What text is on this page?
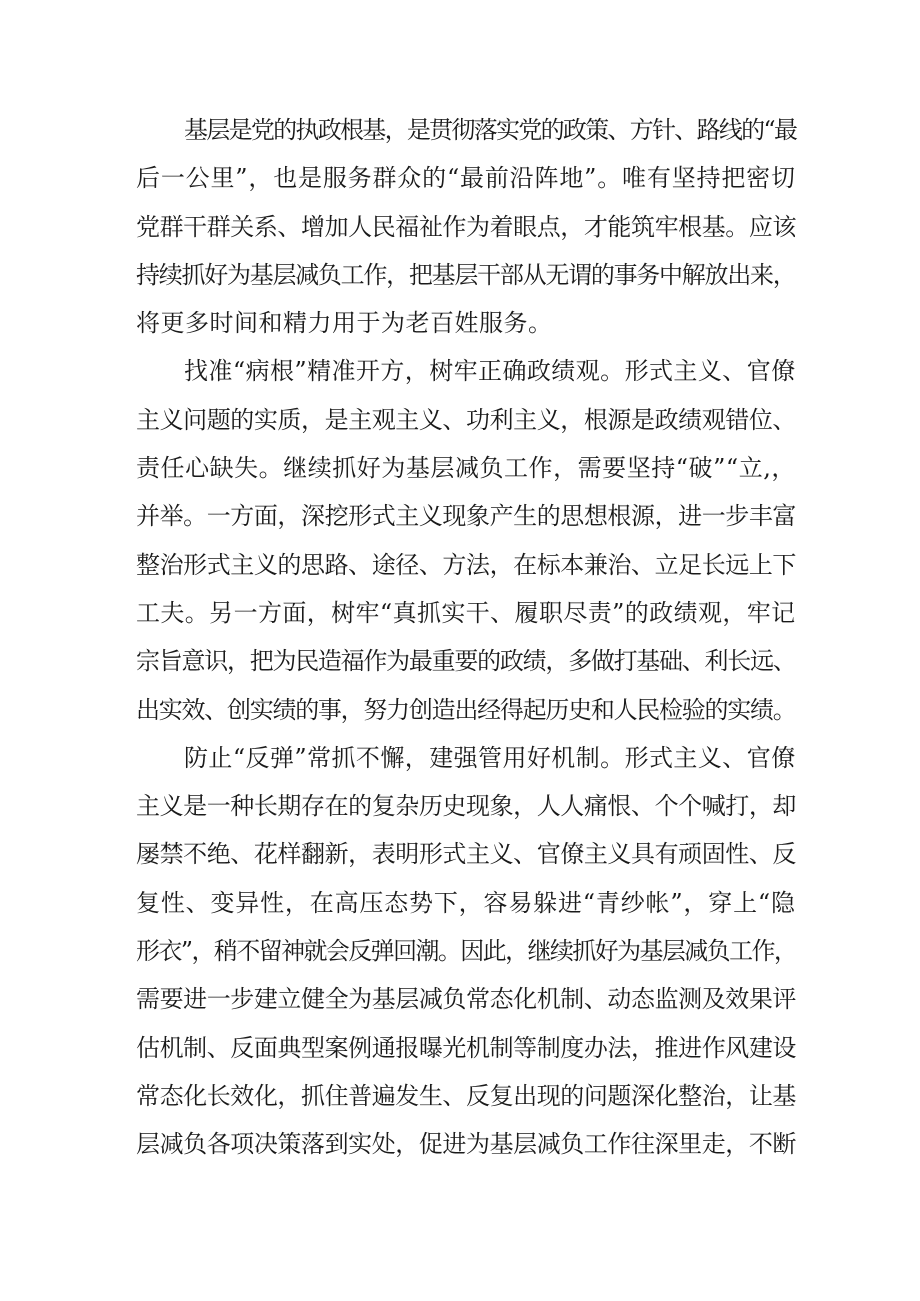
基层是党的执政根基，是贯彻落实党的政策、方针、路线的“最
后一公里”，也是服务群众的“最前沿阵地”。唯有坚持把密切
党群干群关系、增加人民福祉作为着眼点，才能筑牢根基。应该
持续抓好为基层减负工作，把基层干部从无谓的事务中解放出来，
将更多时间和精力用于为老百姓服务。
找准“病根”精准开方，树牢正确政绩观。形式主义、官僚
主义问题的实质，是主观主义、功利主义，根源是政绩观错位、
责任心缺失。继续抓好为基层减负工作，需要坚持“破”“立,，
并举。一方面，深挖形式主义现象产生的思想根源，进一步丰富
整治形式主义的思路、途径、方法，在标本兼治、立足长远上下
工夫。另一方面，树牢“真抓实干、履职尽责”的政绩观，牢记
宗旨意识，把为民造福作为最重要的政绩，多做打基础、利长远、
出实效、创实绩的事，努力创造出经得起历史和人民检验的实绩。
防止“反弹”常抓不懈，建强管用好机制。形式主义、官僚
主义是一种长期存在的复杂历史现象，人人痛恨、个个喊打，却
屡禁不绝、花样翻新，表明形式主义、官僚主义具有顽固性、反
复性、变异性，在高压态势下，容易躲进“青纱帐”，穿上“隐
形衣”，稍不留神就会反弹回潮。因此，继续抓好为基层减负工作，
需要进一步建立健全为基层减负常态化机制、动态监测及效果评
估机制、反面典型案例通报曝光机制等制度办法，推进作风建设
常态化长效化，抓住普遍发生、反复出现的问题深化整治，让基
层减负各项决策落到实处，促进为基层减负工作往深里走，不断
